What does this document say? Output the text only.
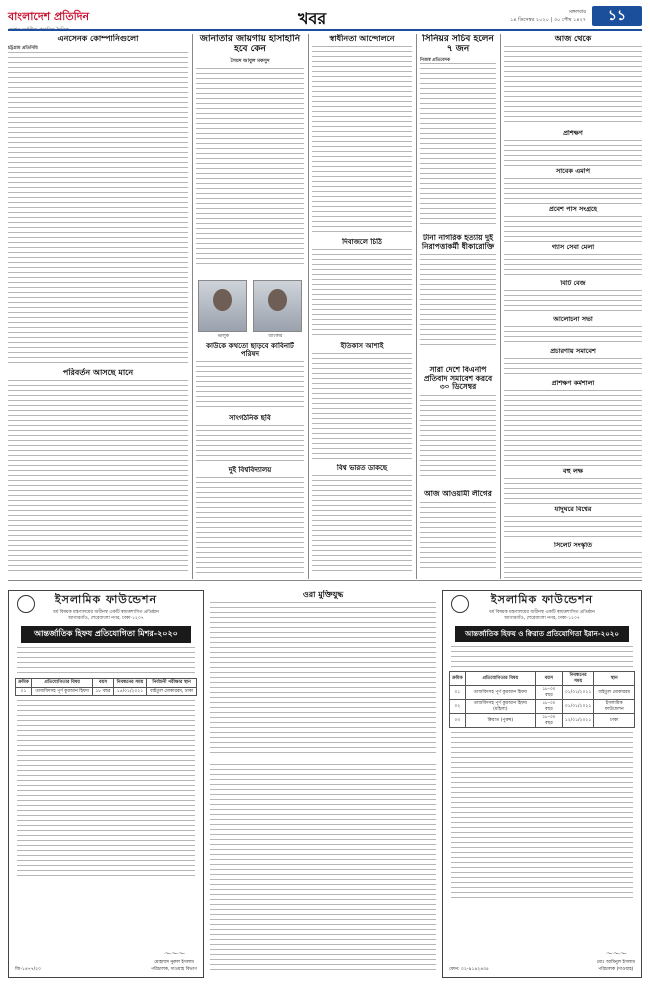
বাংলাদেশ প্রতিদিন	খবর	মঙ্গলবার
১৪ ডিসেম্বর ২০২০ | ৩০ পৌষ ১৪২৭	১১
এনসেনক কোম্পানিগুলো
চট্টগ্রাম প্রতিনিধি
পরিবর্তন আসছে মানে
জানাতার জায়গায় হাসাহানি হবে কেন
সৈয়দ আবুল মকসুদ
ভালুক	ব্যাংকার
কাউকে কথতো ছাড়বে কাবিনার্ট পরিষদ
সাংগঠনিক ছবি
দুই বিশ্ববিদ্যালয়
স্বাধীনতা আন্দোলনে
দিবাজলে চিঠি
ইতিকাস আশাই
বিশ্ব ভারত ডাকছে
সিনিয়র সচিব হলেন ৭ জন
নিজস্ব প্রতিবেদক
টানা নাগরিক হত্যায় দুই নিরাপত্তাকর্মী ধীকারোক্তি
সারা দেশে বিএনপি প্রতিবাদ সমাবেশ করবে ৩০ ডিসেম্বর
আজ আওয়ামী লীগের
আজ থেকে
প্রশিক্ষণ
সাবেক এমপি
প্রবেশ পাস সংগ্রহে
গ্যাস সেবা মেলা
বিটি বেজ
আলোচনা সভা
প্রচারণায় সমাবেশ
প্রশিক্ষণ কর্মশালা
বহু লক্ষ
যাদুঘরে বিশ্বের
সিলেট সংস্কৃতি
ওরা মুক্তিযুদ্ধ
ইসলামিক ফাউন্ডেশন
ধর্ম বিষয়ক মন্ত্রণালয়ের অধীনস্থ একটি স্বায়ত্তশাসিত প্রতিষ্ঠান
আগারগাঁও, শেরেবাংলা নগর, ঢাকা-১২০৭
আন্তর্জাতিক হিফয প্রতিযোগিতা মিশর-২০২০
ক্রমিক	প্রতিযোগিতার বিষয়	বয়স	নিবন্ধনের সময়	নির্বাচনী পরীক্ষার স্থান
০১	তাজবিদসহ পূর্ণ কুরআন হিফয	১৮ বছর	১৫/০১/২০২১	বাইতুল মোকাররম, ঢাকা
জি-১৪৭৭/২০
〜〜〜
মোহাম্মদ নুরুল ইসলাম
পরিচালক, দাওয়াহ বিভাগ
ইসলামিক ফাউন্ডেশন
ধর্ম বিষয়ক মন্ত্রণালয়ের অধীনস্থ একটি স্বায়ত্তশাসিত প্রতিষ্ঠান
আগারগাঁও, শেরেবাংলা নগর, ঢাকা-১২০৭
আন্তর্জাতিক হিফয ও ক্বিরাত প্রতিযোগিতা ইরান-২০২০
ক্রমিক	প্রতিযোগিতার বিষয়	বয়স	নিবন্ধনের সময়	স্থান
০১	তাজবিদসহ পূর্ণ কুরআন হিফয	১৮-৩০ বছর	০১/০১/২০২১	বাইতুল মোকাররম
০২	তাজবিদসহ পূর্ণ কুরআন হিফয (মহিলা)	১৮-৩০ বছর	০১/০১/২০২১	ইসলামিক ফাউন্ডেশন
০৩	ক্বিরাত (পুরুষ)	১৮-৩০ বছর	১২/০১/২০২১	ঢাকা
ফোন: ০২-৯১৪২৪৩৫
〜〜〜
মোঃ আমিনুল ইসলাম
পরিচালক (দাওয়াহ)
